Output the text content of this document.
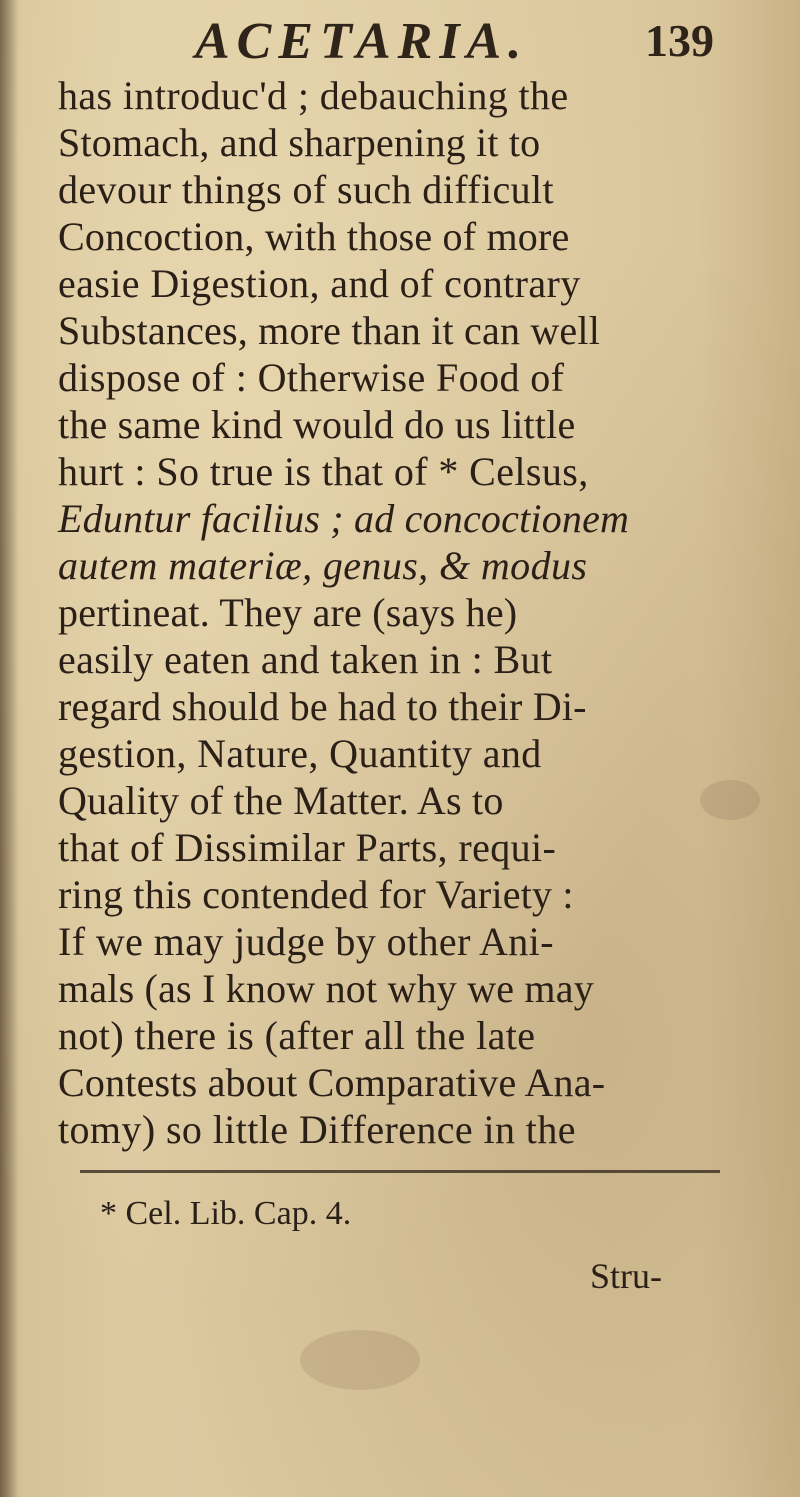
ACETARIA.	139
has introduc'd ; debauching the
Stomach, and sharpening it to
devour things of such difficult
Concoction, with those of more
easie Digestion, and of contrary
Substances, more than it can well
dispose of : Otherwise Food of
the same kind would do us little
hurt : So true is that of * Celsus,
Eduntur facilius ; ad concoctionem
autem materiæ, genus, & modus
pertineat. They are (says he)
easily eaten and taken in : But
regard should be had to their Di-
gestion, Nature, Quantity and
Quality of the Matter. As to
that of Dissimilar Parts, requi-
ring this contended for Variety :
If we may judge by other Ani-
mals (as I know not why we may
not) there is (after all the late
Contests about Comparative Ana-
tomy) so little Difference in the
* Cel. Lib. Cap. 4.
Stru-
